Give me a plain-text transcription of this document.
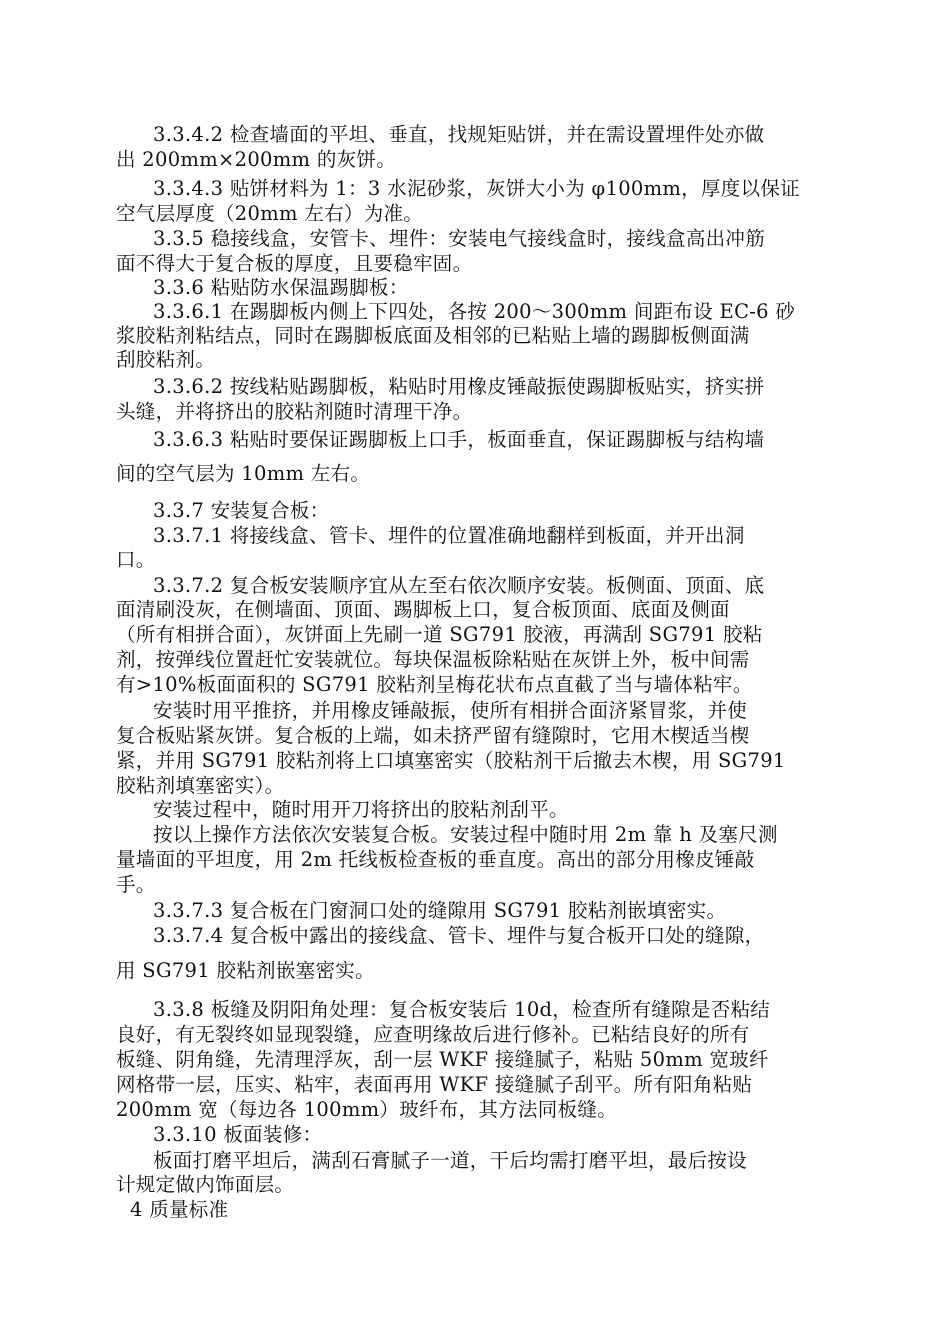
3.3.4.2 检查墙面的平坦、垂直，找规矩贴饼，并在需设置埋件处亦做
出 200mm×200mm 的灰饼。
3.3.4.3 贴饼材料为 1：3 水泥砂浆，灰饼大小为 φ100mm，厚度以保证
空气层厚度（20mm 左右）为准。
3.3.5 稳接线盒，安管卡、埋件：安装电气接线盒时，接线盒高出冲筋
面不得大于复合板的厚度，且要稳牢固。
3.3.6 粘贴防水保温踢脚板：
3.3.6.1 在踢脚板内侧上下四处，各按 200～300mm 间距布设 EC-6 砂
浆胶粘剂粘结点，同时在踢脚板底面及相邻的已粘贴上墙的踢脚板侧面满
刮胶粘剂。
3.3.6.2 按线粘贴踢脚板，粘贴时用橡皮锤敲振使踢脚板贴实，挤实拼
头缝，并将挤出的胶粘剂随时清理干净。
3.3.6.3 粘贴时要保证踢脚板上口手，板面垂直，保证踢脚板与结构墙
间的空气层为 10mm 左右。
3.3.7 安装复合板：
3.3.7.1 将接线盒、管卡、埋件的位置准确地翻样到板面，并开出洞
口。
3.3.7.2 复合板安装顺序宜从左至右依次顺序安装。板侧面、顶面、底
面清刷没灰，在侧墙面、顶面、踢脚板上口，复合板顶面、底面及侧面
（所有相拼合面），灰饼面上先刷一道 SG791 胶液，再满刮 SG791 胶粘
剂，按弹线位置赶忙安装就位。每块保温板除粘贴在灰饼上外，板中间需
有>10%板面面积的 SG791 胶粘剂呈梅花状布点直截了当与墙体粘牢。
安装时用平推挤，并用橡皮锤敲振，使所有相拼合面济紧冒浆，并使
复合板贴紧灰饼。复合板的上端，如未挤严留有缝隙时，它用木楔适当楔
紧，并用 SG791 胶粘剂将上口填塞密实（胶粘剂干后撤去木楔，用 SG791
胶粘剂填塞密实）。
安装过程中，随时用开刀将挤出的胶粘剂刮平。
按以上操作方法依次安装复合板。安装过程中随时用 2m 靠 h 及塞尺测
量墙面的平坦度，用 2m 托线板检查板的垂直度。高出的部分用橡皮锤敲
手。
3.3.7.3 复合板在门窗洞口处的缝隙用 SG791 胶粘剂嵌填密实。
3.3.7.4 复合板中露出的接线盒、管卡、埋件与复合板开口处的缝隙，
用 SG791 胶粘剂嵌塞密实。
3.3.8 板缝及阴阳角处理：复合板安装后 10d，检查所有缝隙是否粘结
良好，有无裂终如显现裂缝，应查明缘故后进行修补。已粘结良好的所有
板缝、阴角缝，先清理浮灰，刮一层 WKF 接缝腻子，粘贴 50mm 宽玻纤
网格带一层，压实、粘牢，表面再用 WKF 接缝腻子刮平。所有阳角粘贴
200mm 宽（每边各 100mm）玻纤布，其方法同板缝。
3.3.10 板面装修：
板面打磨平坦后，满刮石膏腻子一道，干后均需打磨平坦，最后按设
计规定做内饰面层。
4 质量标准
